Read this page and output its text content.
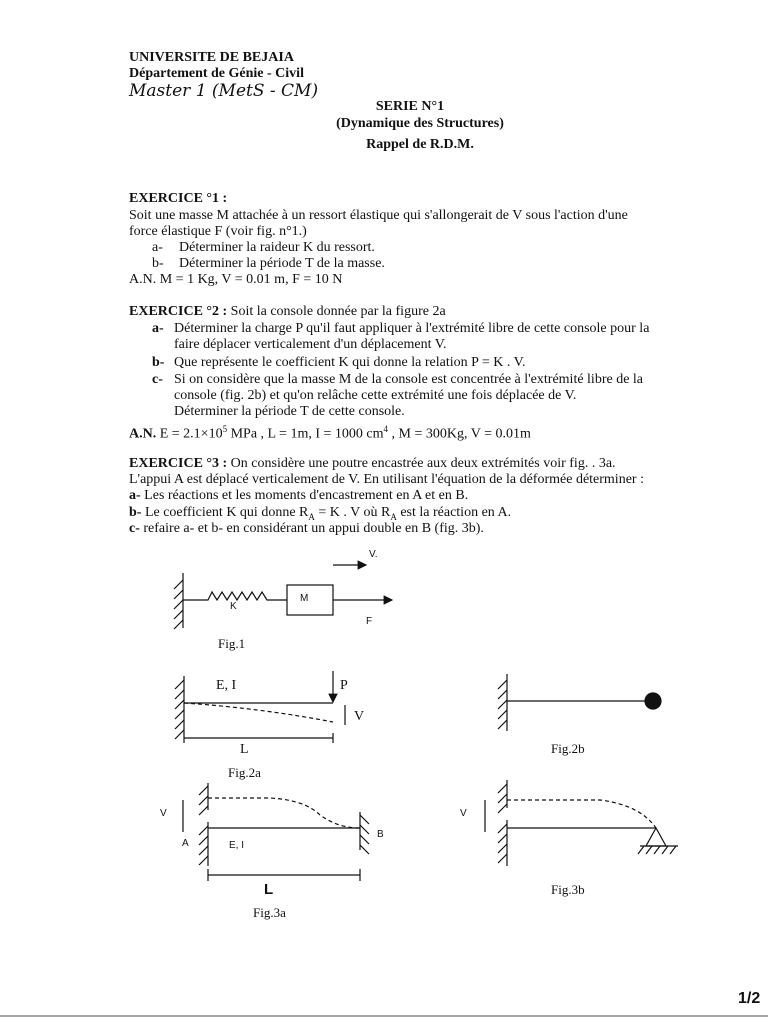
UNIVERSITE DE BEJAIA
Département de Génie - Civil
Master 1 (MetS - CM)
SERIE N°1
(Dynamique des Structures)
Rappel de R.D.M.
EXERCICE °1 :
Soit une masse M attachée à un ressort élastique qui s'allongerait de V sous l'action d'une
force élastique F (voir fig. n°1.)
a- Déterminer la raideur K du ressort.
b- Déterminer la période T de la masse.
A.N. M = 1 Kg, V = 0.01 m, F = 10 N
EXERCICE °2 : Soit la console donnée par la figure 2a
a- Déterminer la charge P qu'il faut appliquer à l'extrémité libre de cette console pour la
faire déplacer verticalement d'un déplacement V.
b- Que représente le coefficient K qui donne la relation P = K . V.
c- Si on considère que la masse M de la console est concentrée à l'extrémité libre de la
console (fig. 2b) et qu'on relâche cette extrémité une fois déplacée de V.
Déterminer la période T de cette console.
A.N. $E = 2.1\times 10^5$ MPa , L = 1m, I = 1000 $cm^4$ , M = 300Kg, V = 0.01m
EXERCICE °3 : On considère une poutre encastrée aux deux extrémités voir fig. . 3a.
L'appui A est déplacé verticalement de V. En utilisant l'équation de la déformée déterminer :
a- Les réactions et les moments d'encastrement en A et en B.
b- Le coefficient K qui donne $R_A = K$ . V où $R_A$ est la réaction en A.
c- refaire a- et b- en considérant un appui double en B (fig. 3b).
K
M
F
V.
Fig.1
E, I	P
V
L
Fig.2a
Fig.2b
V
A	E, I
B
L
Fig.3a
V
Fig.3b
1/2
